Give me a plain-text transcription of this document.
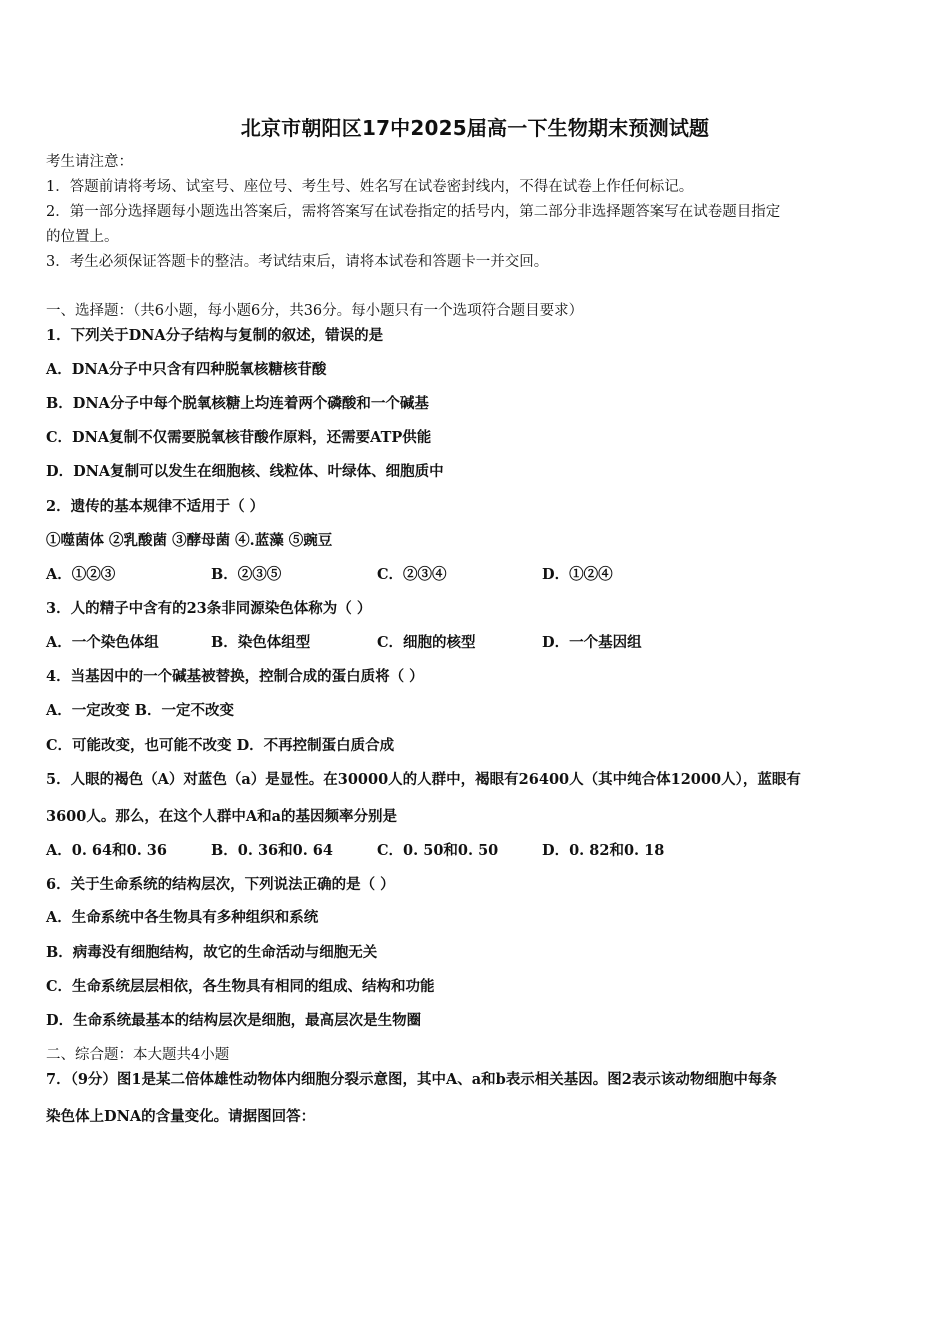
北京市朝阳区17中2025届高一下生物期末预测试题
考生请注意：
1．答题前请将考场、试室号、座位号、考生号、姓名写在试卷密封线内，不得在试卷上作任何标记。
2．第一部分选择题每小题选出答案后，需将答案写在试卷指定的括号内，第二部分非选择题答案写在试卷题目指定
的位置上。
3．考生必须保证答题卡的整洁。考试结束后，请将本试卷和答题卡一并交回。
一、选择题：（共6小题，每小题6分，共36分。每小题只有一个选项符合题目要求）
1．下列关于DNA分子结构与复制的叙述，错误的是
A．DNA分子中只含有四种脱氧核糖核苷酸
B．DNA分子中每个脱氧核糖上均连着两个磷酸和一个碱基
C．DNA复制不仅需要脱氧核苷酸作原料，还需要ATP供能
D．DNA复制可以发生在细胞核、线粒体、叶绿体、细胞质中
2．遗传的基本规律不适用于（ ）
①噬菌体 ②乳酸菌 ③酵母菌 ④.蓝藻 ⑤豌豆
A．①②③	B．②③⑤	C．②③④	D．①②④
3．人的精子中含有的23条非同源染色体称为（ ）
A．一个染色体组	B．染色体组型	C．细胞的核型	D．一个基因组
4．当基因中的一个碱基被替换，控制合成的蛋白质将（ ）
A．一定改变 B．一定不改变
C．可能改变，也可能不改变 D．不再控制蛋白质合成
5．人眼的褐色（A）对蓝色（a）是显性。在30000人的人群中，褐眼有26400人（其中纯合体12000人），蓝眼有
3600人。那么，在这个人群中A和a的基因频率分别是
A．0. 64和0. 36	B．0. 36和0. 64	C．0. 50和0. 50	D．0. 82和0. 18
6．关于生命系统的结构层次，下列说法正确的是（ ）
A．生命系统中各生物具有多种组织和系统
B．病毒没有细胞结构，故它的生命活动与细胞无关
C．生命系统层层相依，各生物具有相同的组成、结构和功能
D．生命系统最基本的结构层次是细胞，最高层次是生物圈
二、综合题：本大题共4小题
7．（9分）图1是某二倍体雄性动物体内细胞分裂示意图，其中A、a和b表示相关基因。图2表示该动物细胞中每条
染色体上DNA的含量变化。请据图回答：
